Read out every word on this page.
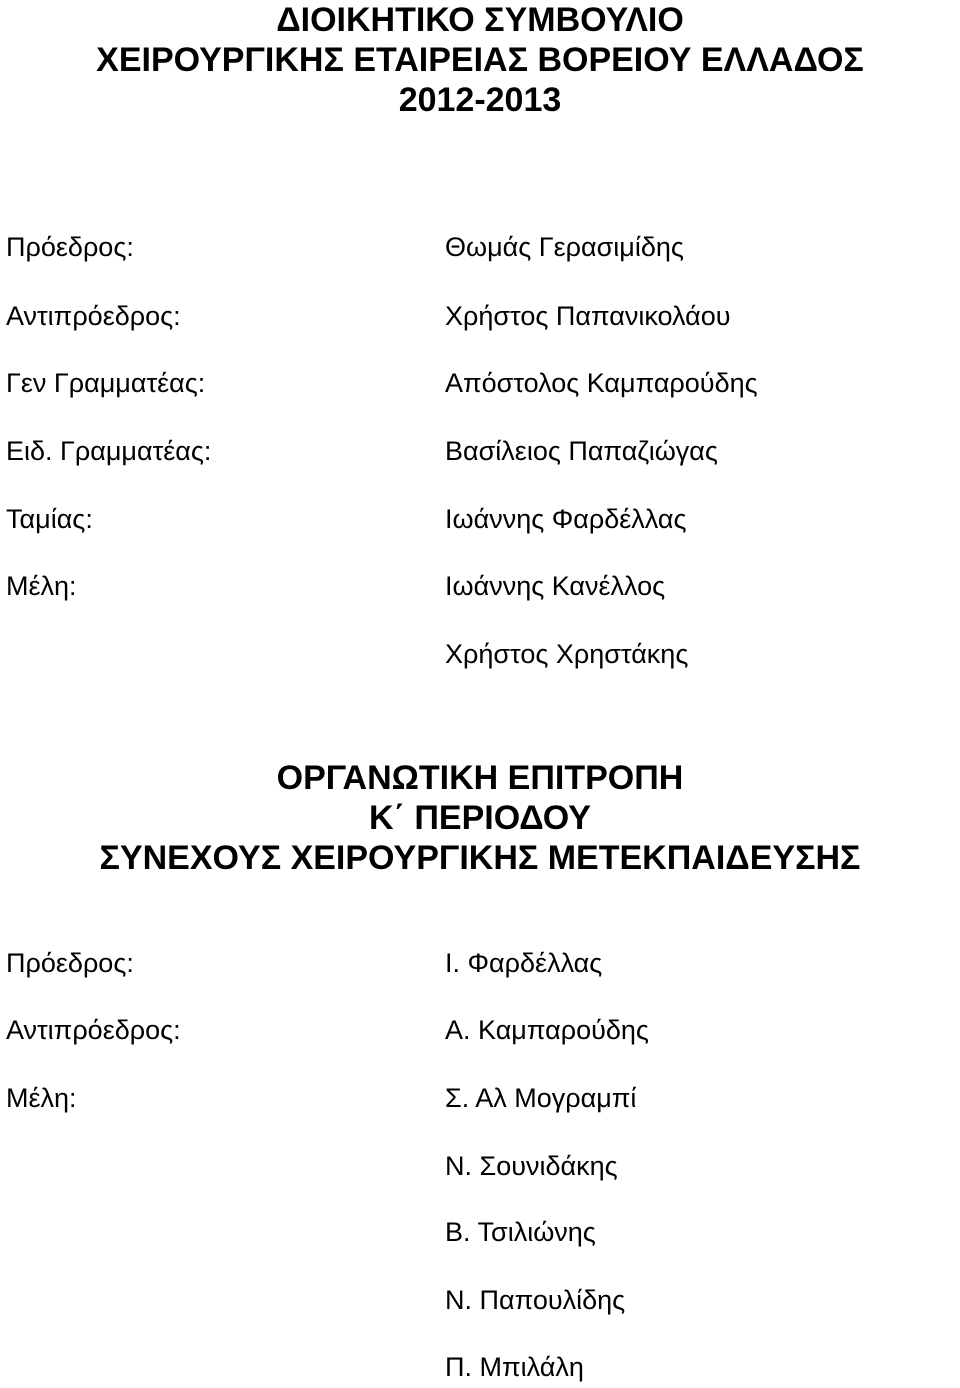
ΔΙΟΙΚΗΤΙΚΟ ΣΥΜΒΟΥΛΙΟ
ΧΕΙΡΟΥΡΓΙΚΗΣ ΕΤΑΙΡΕΙΑΣ ΒΟΡΕΙΟΥ ΕΛΛΑΔΟΣ
2012-2013
Πρόεδρος:	Θωμάς Γερασιμίδης
Αντιπρόεδρος:	Χρήστος Παπανικολάου
Γεν Γραμματέας:	Απόστολος Καμπαρούδης
Ειδ. Γραμματέας:	Βασίλειος Παπαζιώγας
Ταμίας:	Ιωάννης Φαρδέλλας
Μέλη:	Ιωάννης Κανέλλος
Χρήστος Χρηστάκης
ΟΡΓΑΝΩΤΙΚΗ ΕΠΙΤΡΟΠΗ
Κ΄ ΠΕΡΙΟΔΟΥ
ΣΥΝΕΧΟΥΣ ΧΕΙΡΟΥΡΓΙΚΗΣ ΜΕΤΕΚΠΑΙΔΕΥΣΗΣ
Πρόεδρος:	Ι. Φαρδέλλας
Αντιπρόεδρος:	Α. Καμπαρούδης
Μέλη:	Σ. Αλ Μογραμπί
Ν. Σουνιδάκης
Β. Τσιλιώνης
Ν. Παπουλίδης
Π. Μπιλάλη
